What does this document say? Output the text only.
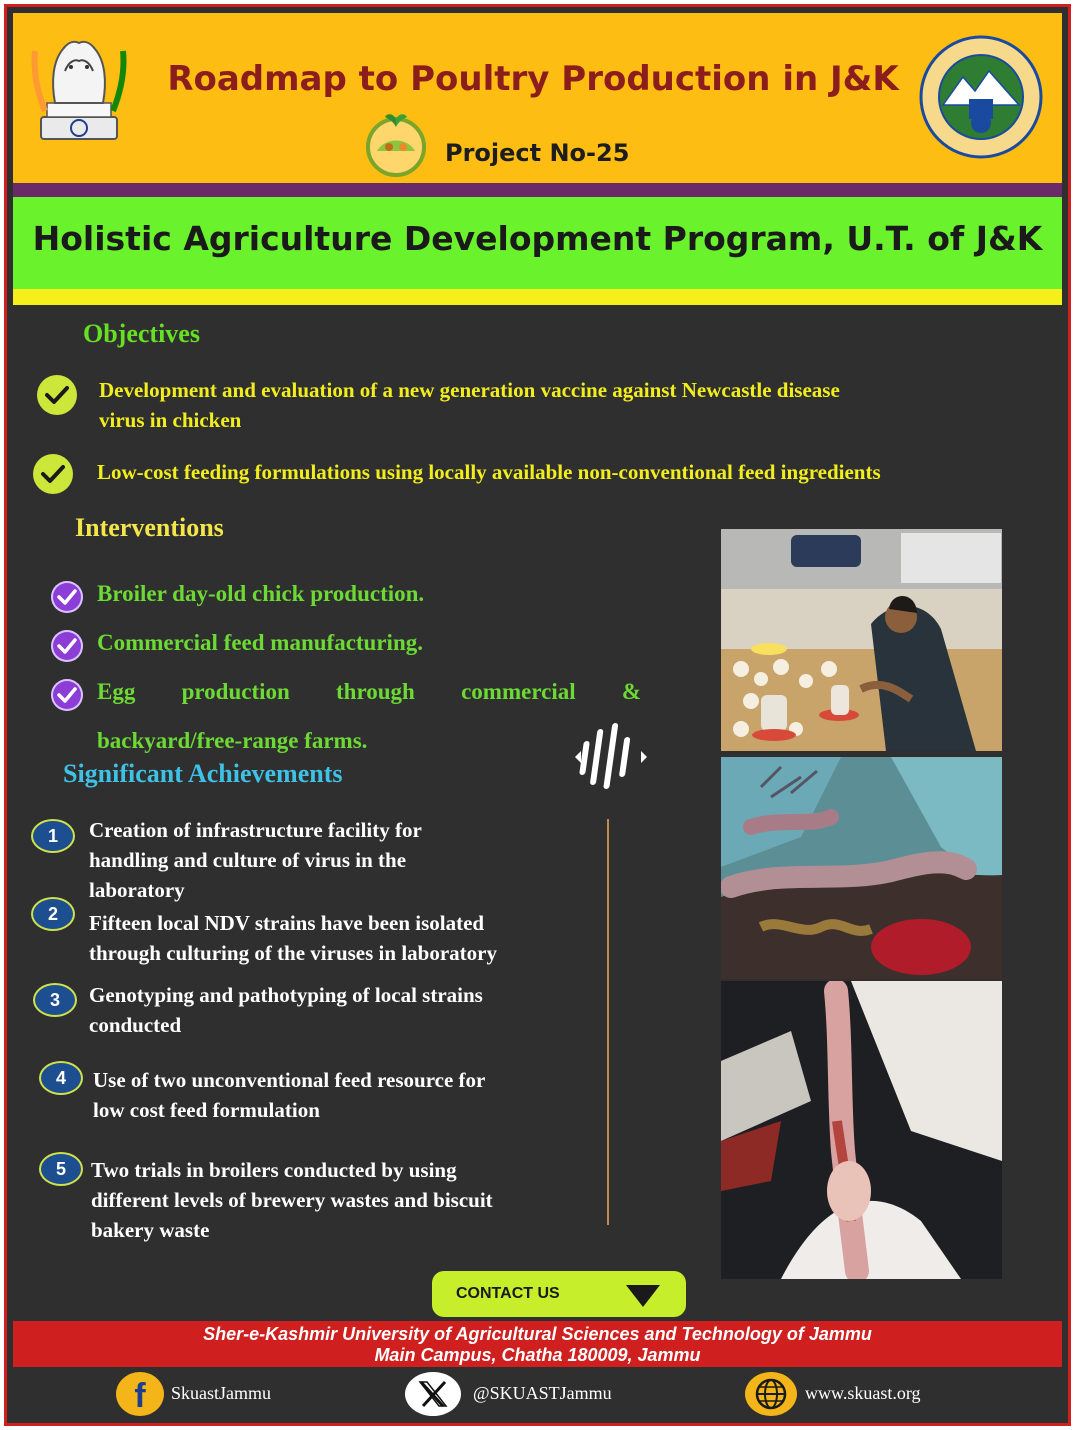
Roadmap to Poultry Production in J&K
Project No-25
Holistic Agriculture Development Program, U.T. of J&K
Objectives
Development and evaluation of a new generation vaccine against Newcastle disease
virus in chicken
Low-cost feeding formulations using locally available non-conventional feed ingredients
Interventions
Broiler day-old chick production.
Commercial feed manufacturing.
Egg production through commercial &
backyard/free-range farms.
Significant Achievements
1	Creation of infrastructure facility for
handling and culture of virus in the
laboratory
2	Fifteen local NDV strains have been isolated
through culturing of the viruses in laboratory
3	Genotyping and pathotyping of local strains
conducted
4	Use of two unconventional feed resource for
low cost feed formulation
5	Two trials in broilers conducted by using
different levels of brewery wastes and biscuit
bakery waste
CONTACT US
Sher-e-Kashmir University of Agricultural Sciences and Technology of Jammu
Main Campus, Chatha 180009, Jammu
f SkuastJammu	@SKUASTJammu	www.skuast.org
